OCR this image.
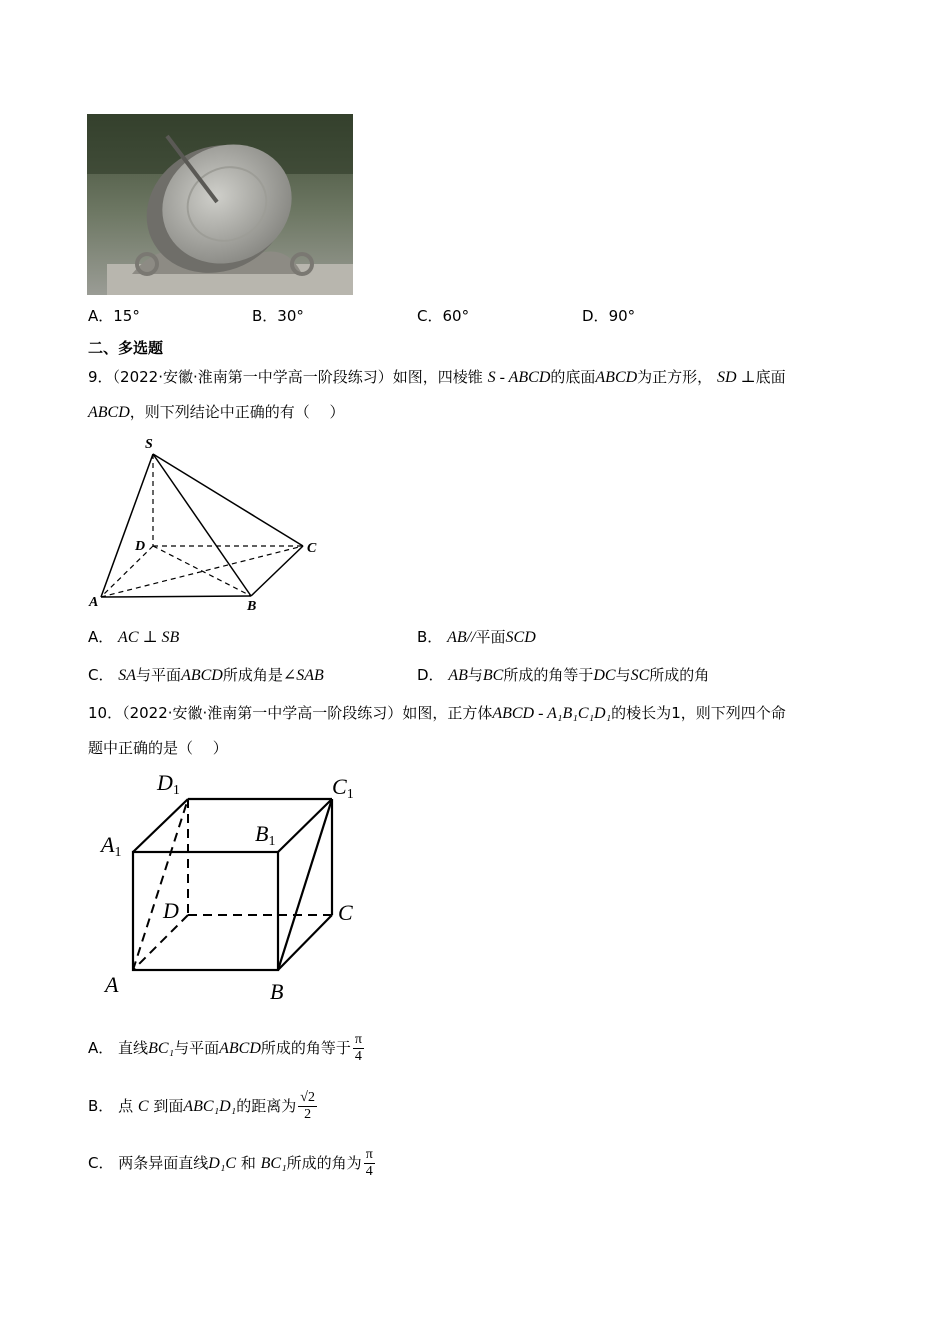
A．15°	B．30°	C．60°	D．90°
二、多选题
9．（2022·安徽·淮南第一中学高一阶段练习）如图，四棱锥 S - ABCD的底面ABCD为正方形， SD ⊥底面
ABCD，则下列结论中正确的有（　 ）
S
D	C
A	B
A． AC ⊥ SB	B． AB//平面SCD
C． SA与平面ABCD所成角是∠SAB	D． AB与BC所成的角等于DC与SC所成的角
10．（2022·安徽·淮南第一中学高一阶段练习）如图，正方体ABCD - A₁B₁C₁D₁的棱长为1，则下列四个命
题中正确的是（　 ）
D1	C1
A1
B1
D	C
A	B
A． 直线BC₁与平面ABCD所成的角等于 $\frac{\pi}{4}$
B． 点 C 到面ABC₁D₁的距离为 $\frac{√2}{2}$
C． 两条异面直线D₁C 和 BC₁所成的角为 $\frac{\pi}{4}$
